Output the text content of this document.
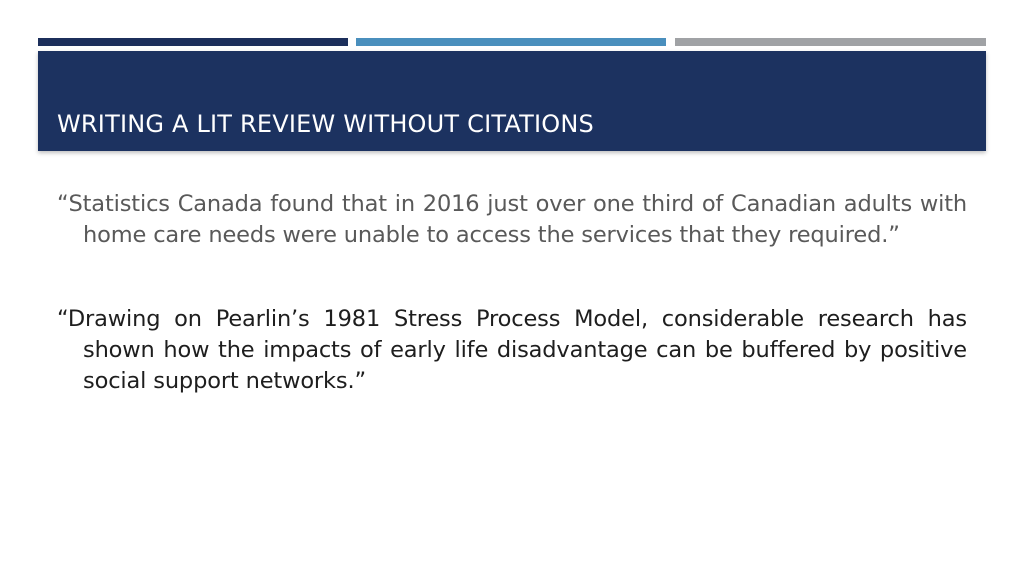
WRITING A LIT REVIEW WITHOUT CITATIONS

“Statistics Canada found that in 2016 just over one third of Canadian adults with home care needs were unable to access the services that they required.”

“Drawing on Pearlin’s 1981 Stress Process Model, considerable research has shown how the impacts of early life disadvantage can be buffered by positive social support networks.”
